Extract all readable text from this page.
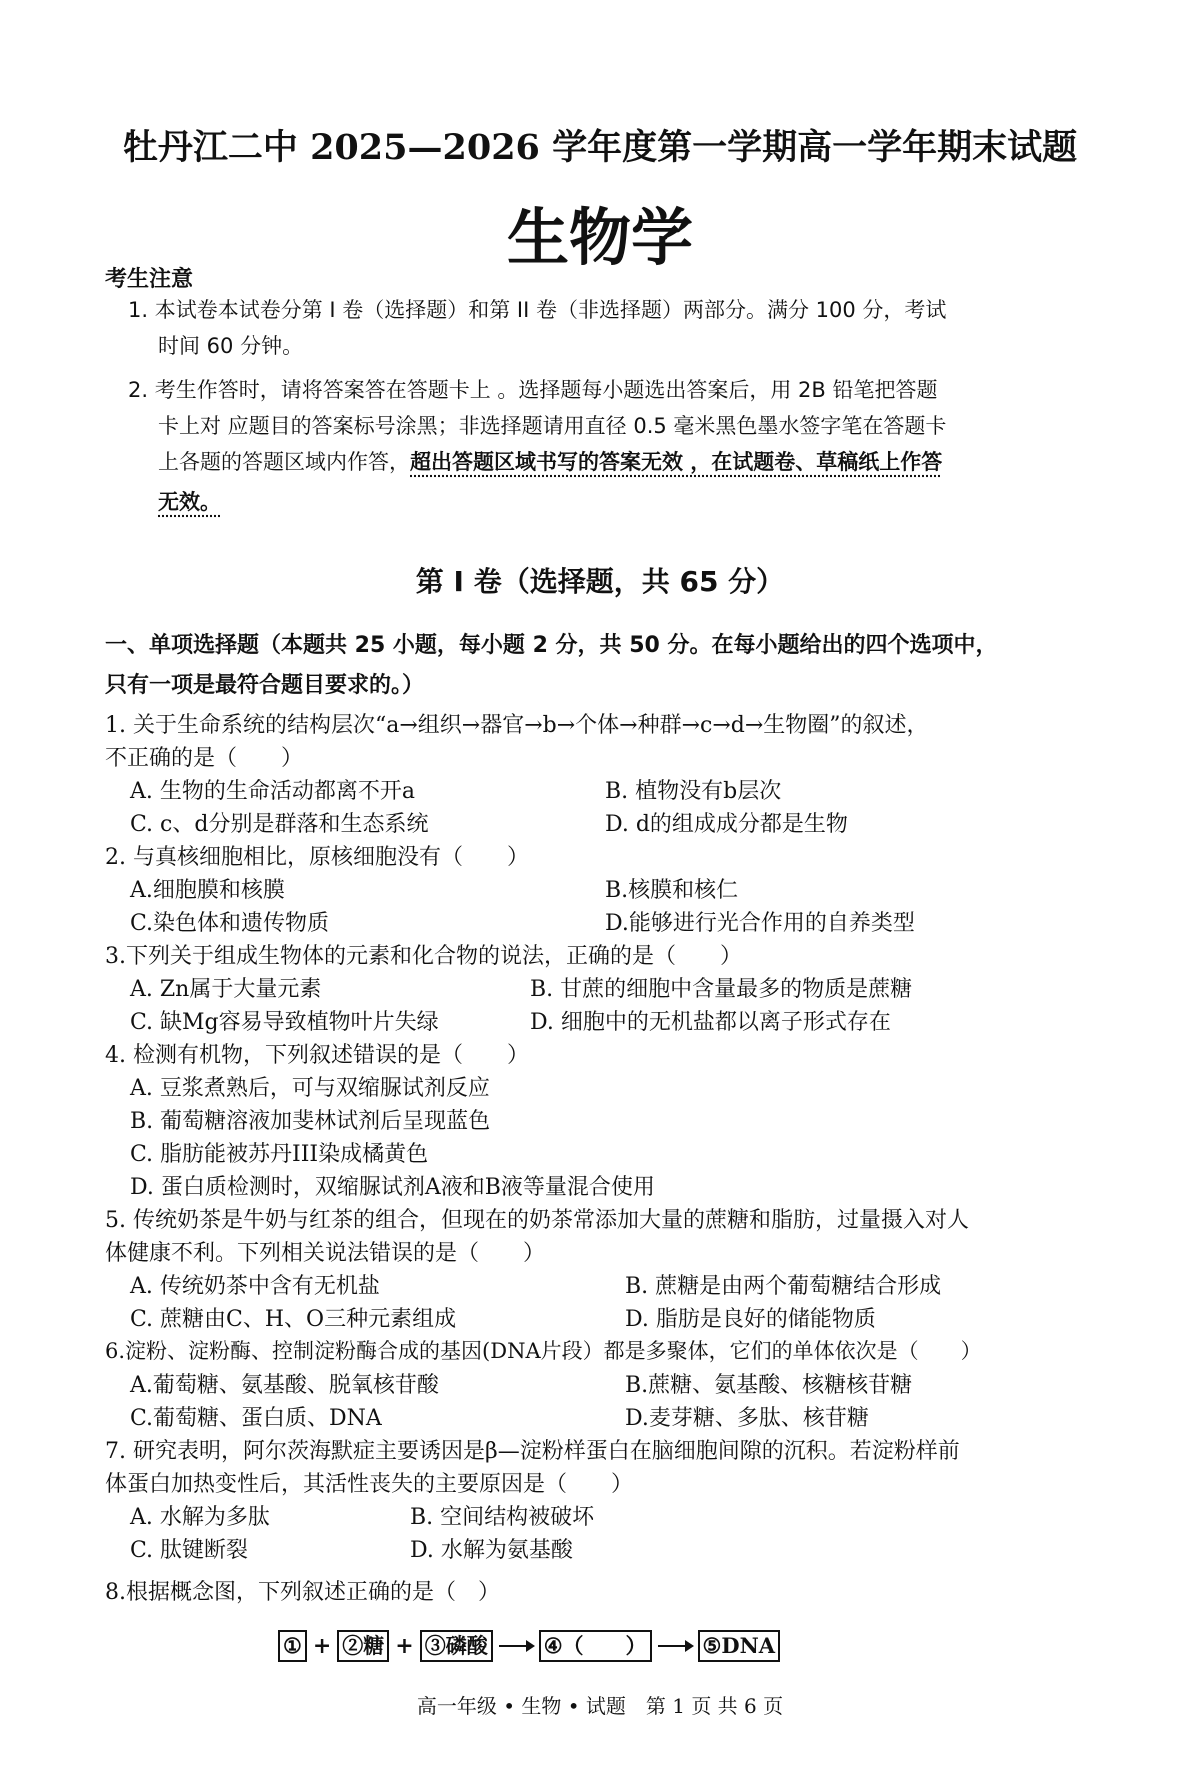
牡丹江二中 2025—2026 学年度第一学期高一学年期末试题
生物学
考生注意
1. 本试卷本试卷分第 I 卷（选择题）和第 II 卷（非选择题）两部分。满分 100 分，考试
时间 60 分钟。
2. 考生作答时，请将答案答在答题卡上 。选择题每小题选出答案后，用 2B 铅笔把答题
卡上对 应题目的答案标号涂黑；非选择题请用直径 0.5 毫米黑色墨水签字笔在答题卡
上各题的答题区域内作答，超出答题区域书写的答案无效 ，在试题卷、草稿纸上作答
无效。
第 I 卷（选择题，共 65 分）
一、单项选择题（本题共 25 小题，每小题 2 分，共 50 分。在每小题给出的四个选项中，
只有一项是最符合题目要求的。）
1. 关于生命系统的结构层次“a→组织→器官→b→个体→种群→c→d→生物圈”的叙述，
不正确的是（　　）
A. 生物的生命活动都离不开a	B. 植物没有b层次
C. c、d分别是群落和生态系统	D. d的组成成分都是生物
2. 与真核细胞相比，原核细胞没有（　　）
A.细胞膜和核膜	B.核膜和核仁
C.染色体和遗传物质	D.能够进行光合作用的自养类型
3.下列关于组成生物体的元素和化合物的说法，正确的是（　　）
A. Zn属于大量元素	B. 甘蔗的细胞中含量最多的物质是蔗糖
C. 缺Mg容易导致植物叶片失绿	D. 细胞中的无机盐都以离子形式存在
4. 检测有机物，下列叙述错误的是（　　）
A. 豆浆煮熟后，可与双缩脲试剂反应
B. 葡萄糖溶液加斐林试剂后呈现蓝色
C. 脂肪能被苏丹III染成橘黄色
D. 蛋白质检测时，双缩脲试剂A液和B液等量混合使用
5. 传统奶茶是牛奶与红茶的组合，但现在的奶茶常添加大量的蔗糖和脂肪，过量摄入对人
体健康不利。下列相关说法错误的是（　　）
A. 传统奶茶中含有无机盐	B. 蔗糖是由两个葡萄糖结合形成
C. 蔗糖由C、H、O三种元素组成	D. 脂肪是良好的储能物质
6.淀粉、淀粉酶、控制淀粉酶合成的基因(DNA片段）都是多聚体，它们的单体依次是（　　）
A.葡萄糖、氨基酸、脱氧核苷酸	B.蔗糖、氨基酸、核糖核苷糖
C.葡萄糖、蛋白质、DNA	D.麦芽糖、多肽、核苷糖
7. 研究表明，阿尔茨海默症主要诱因是β—淀粉样蛋白在脑细胞间隙的沉积。若淀粉样前
体蛋白加热变性后，其活性丧失的主要原因是（　　）
A. 水解为多肽	B. 空间结构被破坏
C. 肽键断裂	D. 水解为氨基酸
8.根据概念图，下列叙述正确的是（　）
① + ②糖 + ③磷酸	④（　　）	⑤DNA
高一年级 • 生物 • 试题　第 1 页 共 6 页
